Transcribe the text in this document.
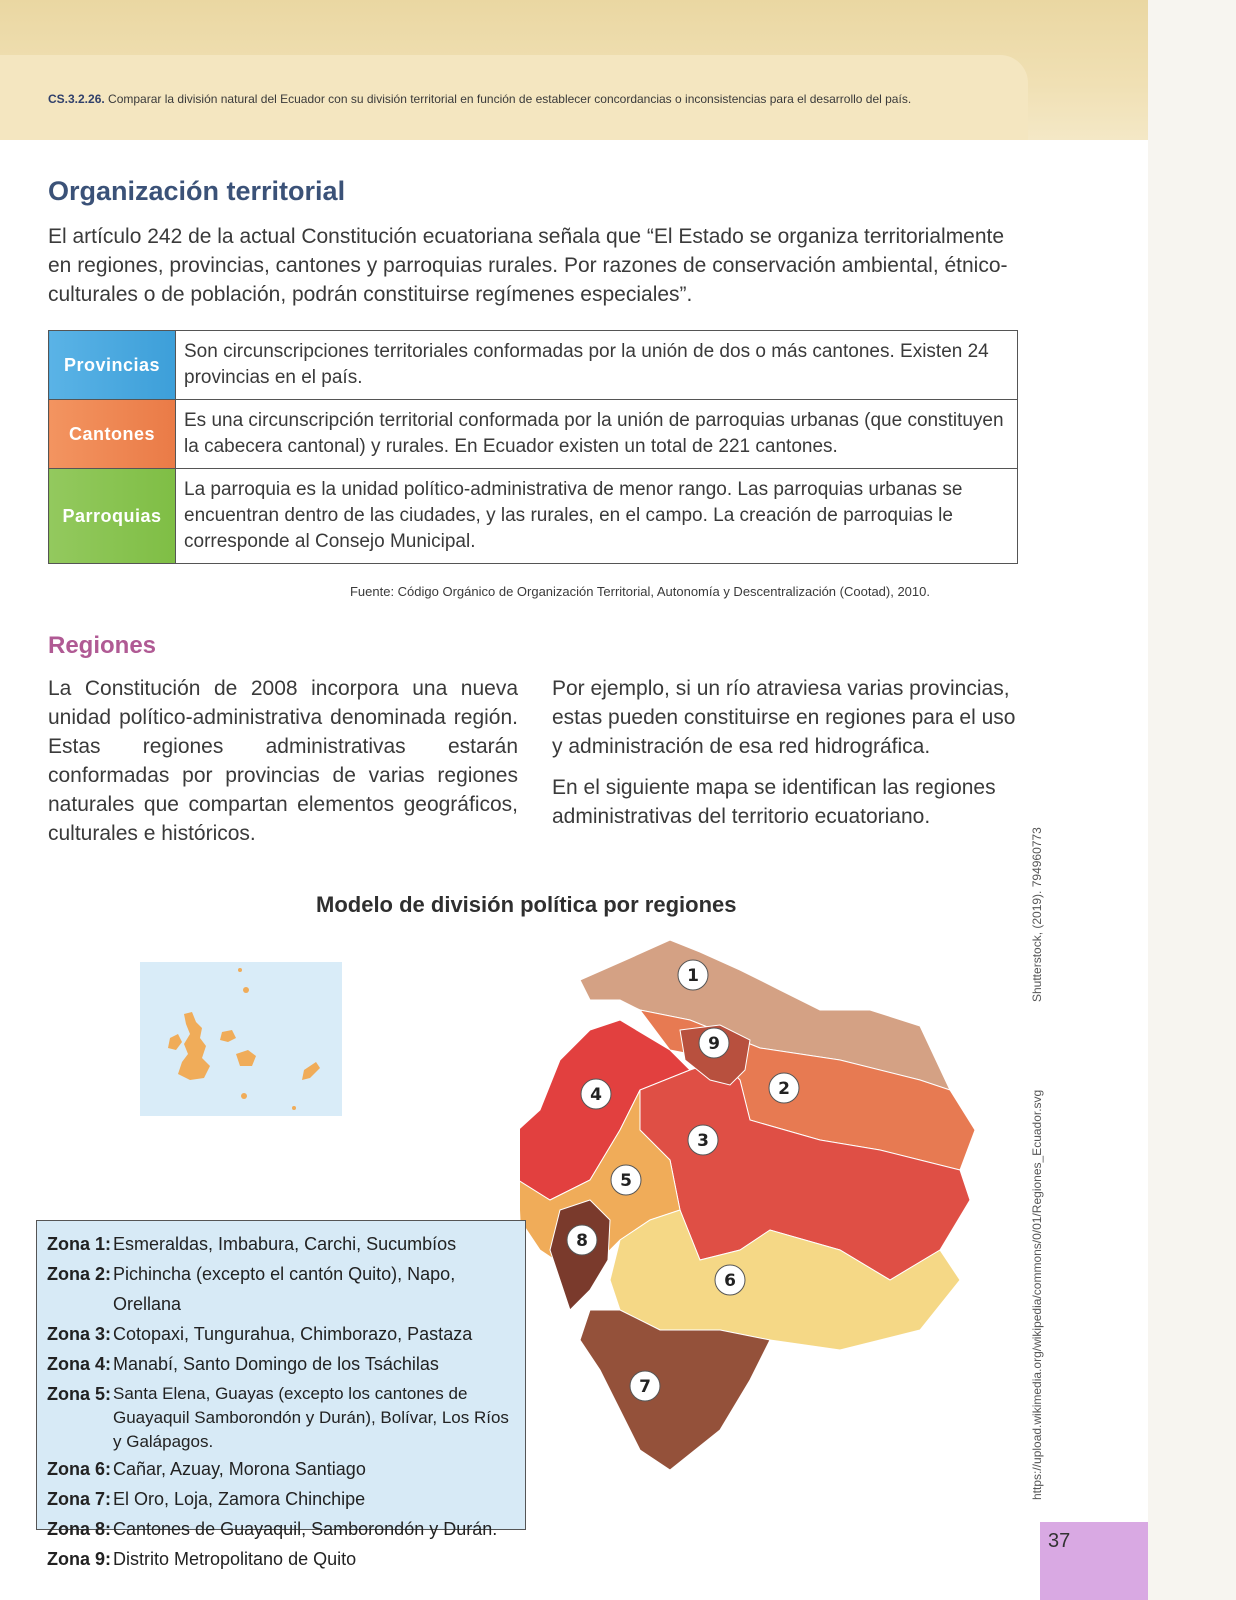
CS.3.2.26. Comparar la división natural del Ecuador con su división territorial en función de establecer concordancias o inconsistencias para el desarrollo del país.
Organización territorial

El artículo 242 de la actual Constitución ecuatoriana señala que “El Estado se organiza territorialmente en regiones, provincias, cantones y parroquias rurales. Por razones de conservación ambiental, étnico-culturales o de población, podrán constituirse regímenes especiales”.

Provincias	Son circunscripciones territoriales conformadas por la unión de dos o más cantones. Existen 24 provincias en el país.
Cantones	Es una circunscripción territorial conformada por la unión de parroquias urbanas (que constituyen la cabecera cantonal) y rurales. En Ecuador existen un total de 221 cantones.
Parroquias	La parroquia es la unidad político-administrativa de menor rango. Las parroquias urbanas se encuentran dentro de las ciudades, y las rurales, en el campo. La creación de parroquias le corresponde al Consejo Municipal.
Fuente: Código Orgánico de Organización Territorial, Autonomía y Descentralización (Cootad), 2010.
Regiones

La Constitución de 2008 incorpora una nueva unidad político-administrativa denominada región. Estas regiones administrativas estarán conformadas por provincias de varias regiones naturales que compartan elementos geográficos, culturales e históricos.

Por ejemplo, si un río atraviesa varias provincias, estas pueden constituirse en regiones para el uso y administración de esa red hidrográfica.

En el siguiente mapa se identifican las regiones administrativas del territorio ecuatoriano.

Modelo de división política por regiones
1
2
3
4
5
6
7
8
9
Zona 1: Esmeraldas, Imbabura, Carchi, Sucumbíos
Zona 2: Pichincha (excepto el cantón Quito), Napo, Orellana
Zona 3: Cotopaxi, Tungurahua, Chimborazo, Pastaza
Zona 4: Manabí, Santo Domingo de los Tsáchilas
Zona 5: Santa Elena, Guayas (excepto los cantones de Guayaquil Samborondón y Durán), Bolívar, Los Ríos y Galápagos.
Zona 6: Cañar, Azuay, Morona Santiago
Zona 7: El Oro, Loja, Zamora Chinchipe
Zona 8: Cantones de Guayaquil, Samborondón y Durán.
Zona 9: Distrito Metropolitano de Quito
Shutterstock, (2019). 794960773
https://upload.wikimedia.org/wikipedia/commons/0/01/Regiones_Ecuador.svg
37
